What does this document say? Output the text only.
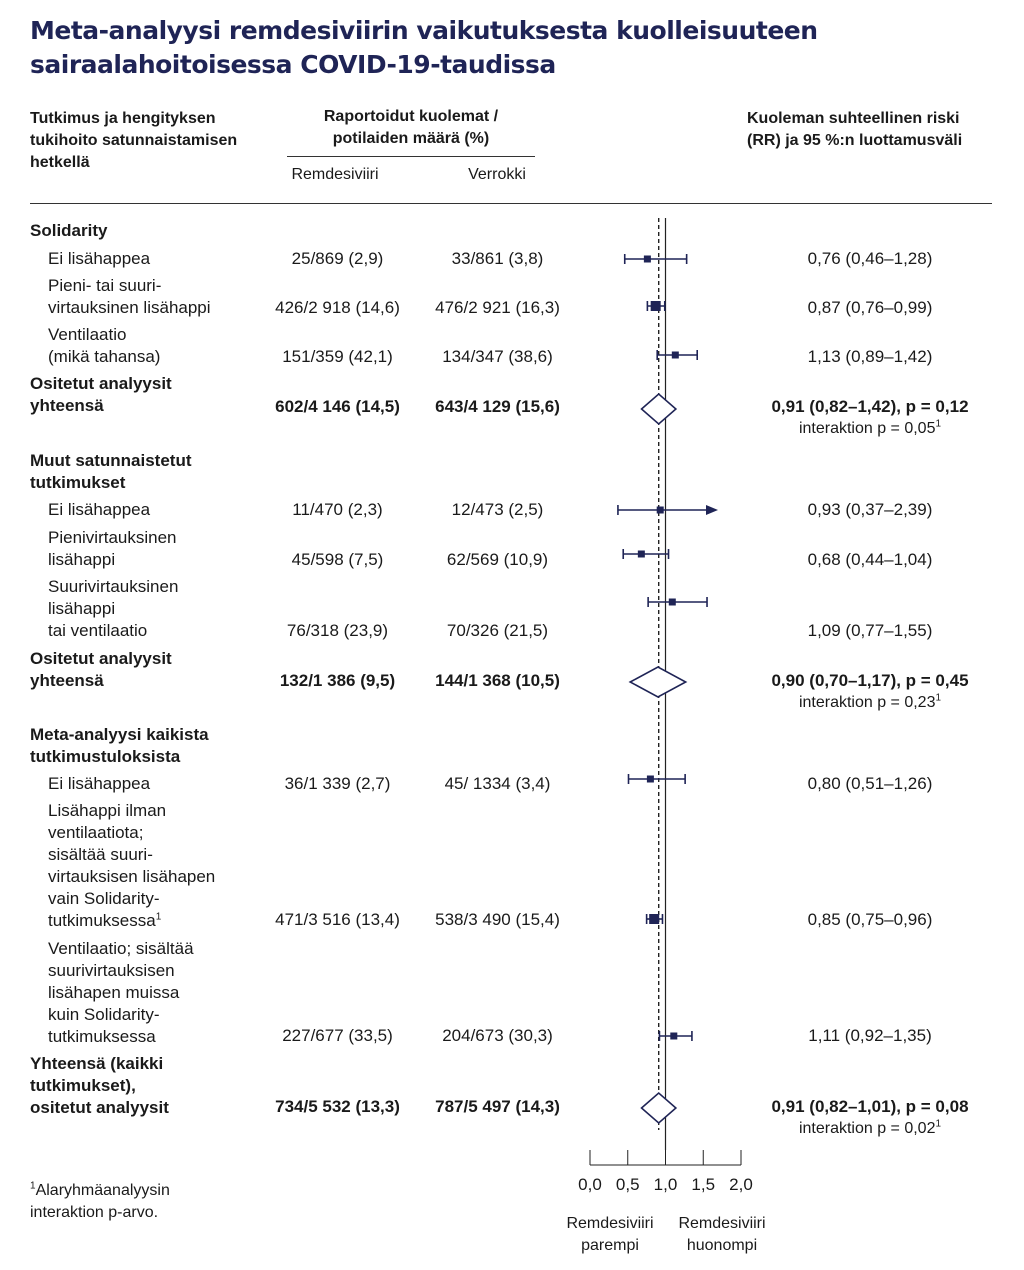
Meta-analyysi remdesiviirin vaikutuksesta kuolleisuuteen sairaalahoitoisessa COVID-19-taudissa
Tutkimus ja hengityksen tukihoito satunnaistamisen hetkellä
Raportoidut kuolemat / potilaiden määrä (%)
Remdesiviiri	Verrokki
Kuoleman suhteellinen riski (RR) ja 95 %:n luottamusväli
Solidarity
Ei lisähappea	25/869 (2,9)	33/861 (3,8)	0,76 (0,46–1,28)
Pieni- tai suuri-
virtauksinen lisähappi	426/2 918 (14,6)	476/2 921 (16,3)	0,87 (0,76–0,99)
Ventilaatio
(mikä tahansa)	151/359 (42,1)	134/347 (38,6)	1,13 (0,89–1,42)
Ositetut analyysit
yhteensä	602/4 146 (14,5)	643/4 129 (15,6)	0,91 (0,82–1,42), p = 0,12
interaktion $p = 0,05^1$
Muut satunnaistetut
tutkimukset
Ei lisähappea	11/470 (2,3)	12/473 (2,5)	0,93 (0,37–2,39)
Pienivirtauksinen
lisähappi	45/598 (7,5)	62/569 (10,9)	0,68 (0,44–1,04)
Suurivirtauksinen
lisähappi
tai ventilaatio	76/318 (23,9)	70/326 (21,5)	1,09 (0,77–1,55)
Ositetut analyysit
yhteensä	132/1 386 (9,5)	144/1 368 (10,5)	0,90 (0,70–1,17), p = 0,45
interaktion $p = 0,23^1$
Meta-analyysi kaikista
tutkimustuloksista
Ei lisähappea	36/1 339 (2,7)	45/ 1334 (3,4)	0,80 (0,51–1,26)
Lisähappi ilman
ventilaatiota;
sisältää suuri-
virtauksisen lisähapen
vain Solidarity-
tutkimuksessa$^1$	471/3 516 (13,4)	538/3 490 (15,4)	0,85 (0,75–0,96)
Ventilaatio; sisältää
suurivirtauksisen
lisähapen muissa
kuin Solidarity-
tutkimuksessa	227/677 (33,5)	204/673 (30,3)	1,11 (0,92–1,35)
Yhteensä (kaikki
tutkimukset),
ositetut analyysit	734/5 532 (13,3)	787/5 497 (14,3)	0,91 (0,82–1,01), p = 0,08
interaktion $p = 0,02^1$
0,0 0,5 1,0 1,5 2,0
$^1$Alaryhmäanalyysin
interaktion p-arvo.
Remdesiviiri
parempi
Remdesiviiri
huonompi
